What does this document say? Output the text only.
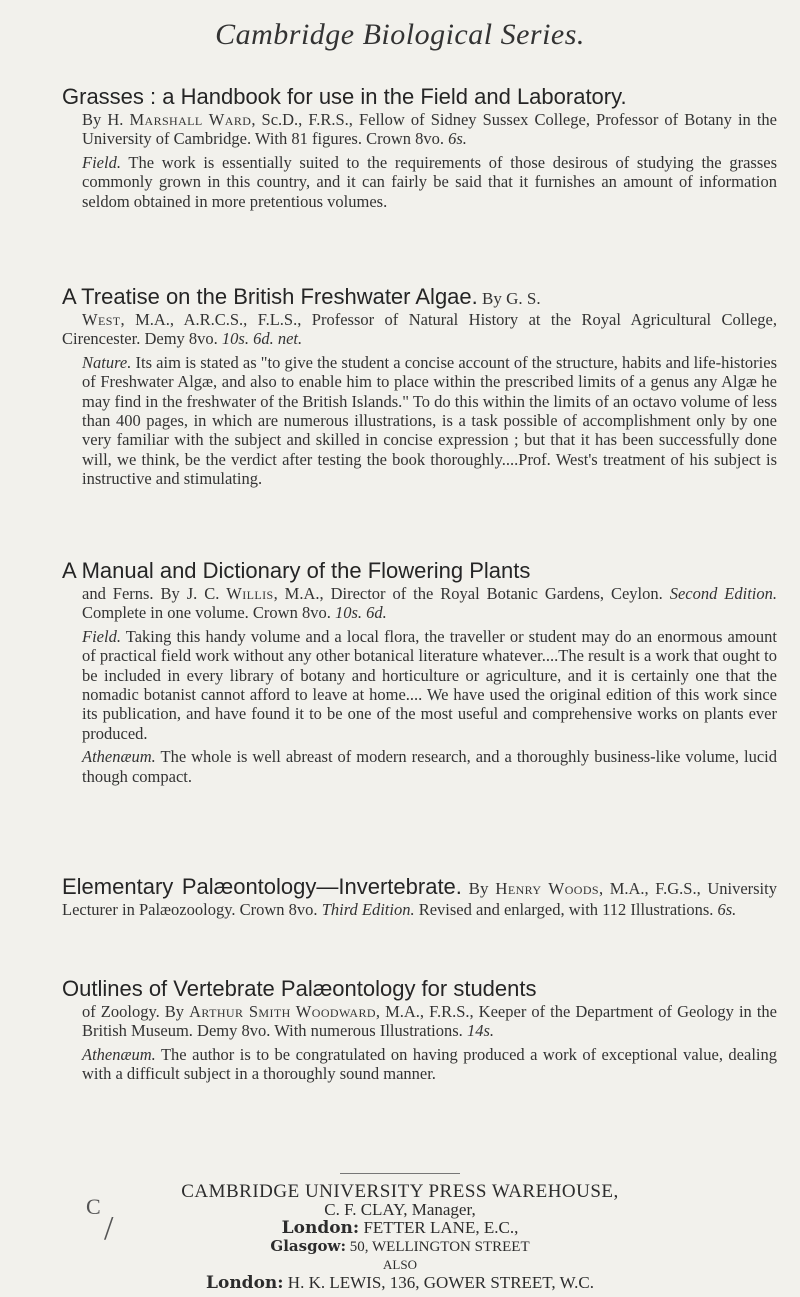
Cambridge Biological Series.
Grasses : a Handbook for use in the Field and Laboratory.
By H. Marshall Ward, Sc.D., F.R.S., Fellow of Sidney Sussex College, Professor of Botany in the University of Cambridge. With 81 figures. Crown 8vo. 6s.
Field. The work is essentially suited to the requirements of those desirous of studying the grasses commonly grown in this country, and it can fairly be said that it furnishes an amount of information seldom obtained in more pretentious volumes.
A Treatise on the British Freshwater Algae. By G. S.
West, M.A., A.R.C.S., F.L.S., Professor of Natural History at the Royal Agricultural College, Cirencester. Demy 8vo. 10s. 6d. net.
Nature. Its aim is stated as "to give the student a concise account of the structure, habits and life-histories of Freshwater Algæ, and also to enable him to place within the prescribed limits of a genus any Algæ he may find in the freshwater of the British Islands." To do this within the limits of an octavo volume of less than 400 pages, in which are numerous illustrations, is a task possible of accomplishment only by one very familiar with the subject and skilled in concise expression ; but that it has been successfully done will, we think, be the verdict after testing the book thoroughly....Prof. West's treatment of his subject is instructive and stimulating.
A Manual and Dictionary of the Flowering Plants
and Ferns. By J. C. Willis, M.A., Director of the Royal Botanic Gardens, Ceylon. Second Edition. Complete in one volume. Crown 8vo. 10s. 6d.
Field. Taking this handy volume and a local flora, the traveller or student may do an enormous amount of practical field work without any other botanical literature whatever....The result is a work that ought to be included in every library of botany and horticulture or agriculture, and it is certainly one that the nomadic botanist cannot afford to leave at home.... We have used the original edition of this work since its publication, and have found it to be one of the most useful and comprehensive works on plants ever produced.
Athenæum. The whole is well abreast of modern research, and a thoroughly business-like volume, lucid though compact.
Elementary Palæontology—Invertebrate. By Henry Woods, M.A., F.G.S., University Lecturer in Palæozoology. Crown 8vo. Third Edition. Revised and enlarged, with 112 Illustrations. 6s.
Outlines of Vertebrate Palæontology for students
of Zoology. By Arthur Smith Woodward, M.A., F.R.S., Keeper of the Department of Geology in the British Museum. Demy 8vo. With numerous Illustrations. 14s.
Athenæum. The author is to be congratulated on having produced a work of exceptional value, dealing with a difficult subject in a thoroughly sound manner.
CAMBRIDGE UNIVERSITY PRESS WAREHOUSE,
C. F. CLAY, Manager,
London: FETTER LANE, E.C.,
Glasgow: 50, WELLINGTON STREET
ALSO
London: H. K. LEWIS, 136, GOWER STREET, W.C.
C
/
